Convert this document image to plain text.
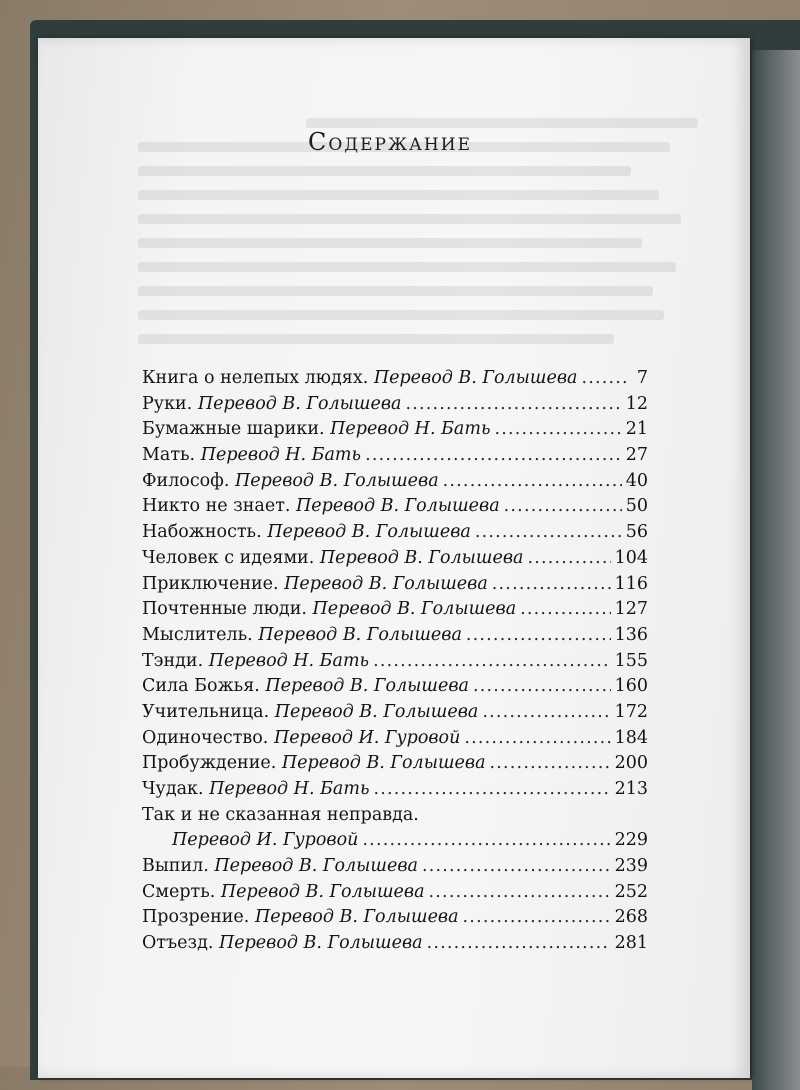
Содержание
Книга о нелепых людях. Перевод В. Голышева .....	7
Руки. Перевод В. Голышева .....	12
Бумажные шарики. Перевод Н. Бать .....	21
Мать. Перевод Н. Бать .....	27
Философ. Перевод В. Голышева .....	40
Никто не знает. Перевод В. Голышева .....	50
Набожность. Перевод В. Голышева .....	56
Человек с идеями. Перевод В. Голышева .....	104
Приключение. Перевод В. Голышева .....	116
Почтенные люди. Перевод В. Голышева .....	127
Мыслитель. Перевод В. Голышева .....	136
Тэнди. Перевод Н. Бать .....	155
Сила Божья. Перевод В. Голышева .....	160
Учительница. Перевод В. Голышева .....	172
Одиночество. Перевод И. Гуровой .....	184
Пробуждение. Перевод В. Голышева .....	200
Чудак. Перевод Н. Бать .....	213
Так и не сказанная неправда.
Перевод И. Гуровой .....	229
Выпил. Перевод В. Голышева .....	239
Смерть. Перевод В. Голышева .....	252
Прозрение. Перевод В. Голышева .....	268
Отъезд. Перевод В. Голышева .....	281
